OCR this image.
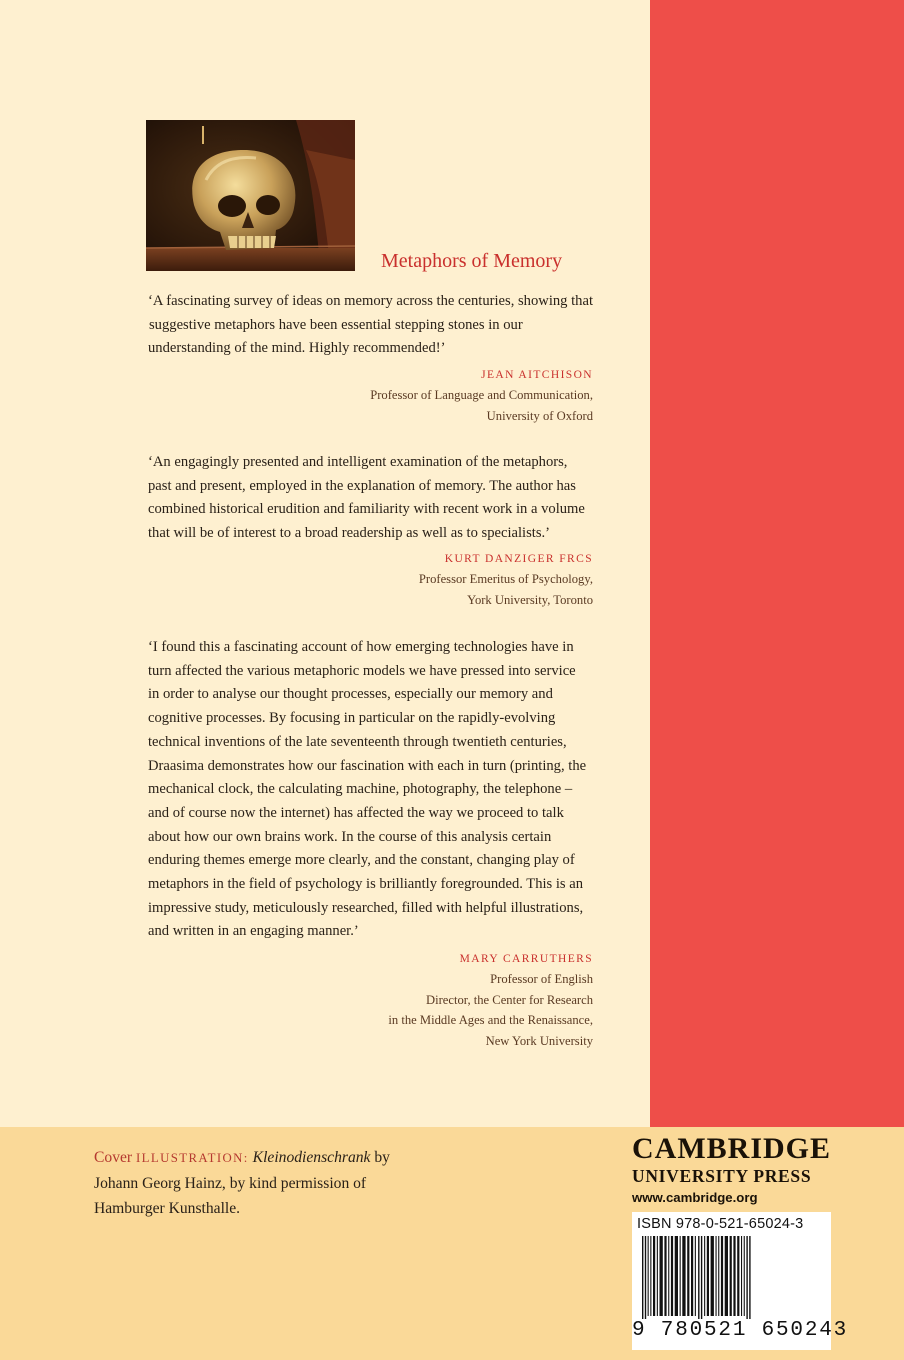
Metaphors of Memory
‘A fascinating survey of ideas on memory across the centuries, showing that
suggestive metaphors have been essential stepping stones in our
understanding of the mind. Highly recommended!’
JEAN AITCHISON
Professor of Language and Communication,
University of Oxford
‘An engagingly presented and intelligent examination of the metaphors,
past and present, employed in the explanation of memory. The author has
combined historical erudition and familiarity with recent work in a volume
that will be of interest to a broad readership as well as to specialists.’
KURT DANZIGER FRCS
Professor Emeritus of Psychology,
York University, Toronto
‘I found this a fascinating account of how emerging technologies have in
turn affected the various metaphoric models we have pressed into service
in order to analyse our thought processes, especially our memory and
cognitive processes. By focusing in particular on the rapidly-evolving
technical inventions of the late seventeenth through twentieth centuries,
Draasima demonstrates how our fascination with each in turn (printing, the
mechanical clock, the calculating machine, photography, the telephone –
and of course now the internet) has affected the way we proceed to talk
about how our own brains work. In the course of this analysis certain
enduring themes emerge more clearly, and the constant, changing play of
metaphors in the field of psychology is brilliantly foregrounded. This is an
impressive study, meticulously researched, filled with helpful illustrations,
and written in an engaging manner.’
MARY CARRUTHERS
Professor of English
Director, the Center for Research
in the Middle Ages and the Renaissance,
New York University
Cover ILLUSTRATION: Kleinodienschrank by
Johann Georg Hainz, by kind permission of
Hamburger Kunsthalle.
CAMBRIDGE
UNIVERSITY PRESS
www.cambridge.org
ISBN 978-0-521-65024-3
9 780521 650243
